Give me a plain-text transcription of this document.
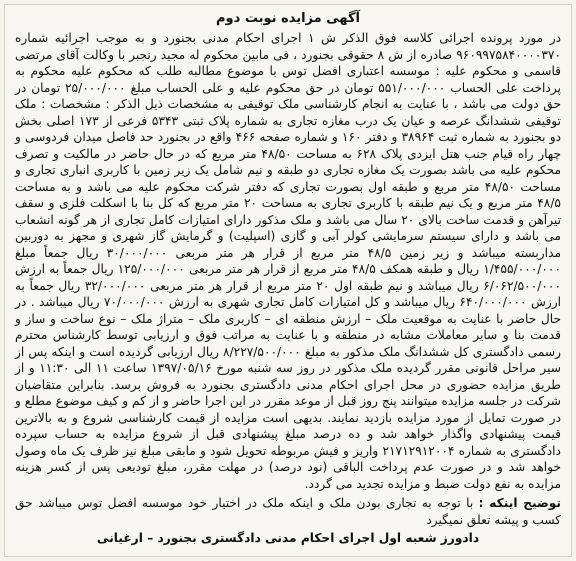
آگهی مزایده نوبت دوم

در مورد پرونده اجرائی کلاسه فوق الذکر ش ۱ اجرای احکام مدنی بجنورد و به موجب اجرائیه شماره ۹۶۰۹۹۷۵۸۴۰۰۰۰۳۷۰ صادره از ش ۸ حقوقی بجنورد ، فی مابین محکوم له مجید رنجبر با وکالت آقای مرتضی قاسمی و محکوم علیه : موسسه اعتباری افضل توس با موضوع مطالبه طلب که محکوم علیه محکوم به پرداخت علی الحساب ۵۵۱/۰۰۰/۰۰۰ تومان در حق محکوم علیه و علی الحساب مبلغ ۲۵/۰۰۰/۰۰۰ تومان در حق دولت می باشد ، با عنایت به انجام کارشناسی ملک توقیفی به مشخصات ذیل الذکر : مشخصات : ملک توقیفی ششدانگ عرصه و عیان یک درب مغازه تجاری به شماره پلاک ثبتی ۵۳۴۳ فرعی از ۱۷۳ اصلی بخش دو بجنورد به شماره ثبت ۳۸۹۶۴ و دفتر ۱۶۰ و شماره صفحه ۴۶۶ واقع در بجنورد حد فاصل میدان فردوسی و چهار راه قیام جنب هتل ایزدی پلاک ۶۲۸ به مساحت ۴۸/۵۰ متر مربع که در حال حاضر در مالکیت و تصرف محکوم علیه می باشد بصورت یک مغازه تجاری دو طبقه و نیم شامل یک زیر زمین با کاربری انباری تجاری و مساحت ۴۸/۵۰ متر مربع و طبقه اول بصورت تجاری که دفتر شرکت محکوم علیه می باشد و به مساحت ۴۸/۵ متر مربع و یک نیم طبقه با کاربری تجاری به مساحت ۲۰ متر مربع که کل بنا با اسکلت فلزی و سقف تیرآهن و قدمت ساخت بالای ۲۰ سال می باشد و ملک مذکور دارای امتیازات کامل تجاری از هر گونه انشعاب می باشد و دارای سیستم سرمایشی کولر آبی و گازی (اسپلیت) و گرمایش گاز شهری و مجهز به دوربین مداربسته میباشد و زیر زمین ۴۸/۵ متر مربع از قرار هر متر مربعی ۳۰/۰۰۰/۰۰۰ ریال جمعاً مبلغ ۱/۴۵۵/۰۰۰/۰۰۰ ریال و طبقه همکف ۴۸/۵ متر مربع از قرار هر متر مربعی ۱۲۵/۰۰۰/۰۰۰ ریال جمعاً به ارزش ۶/۰۶۲/۵۰۰/۰۰۰ ریال میباشد و نیم طبقه اول ۲۰ متر مربع از قرار هر متر مربعی ۳۲/۰۰۰/۰۰۰ ریال جمعاً به ارزش ۶۴۰/۰۰۰/۰۰۰ ریال میباشد و کل امتیازات کامل تجاری شهری به ارزش ۷۰/۰۰۰/۰۰۰ ریال میباشد . در حال حاضر با عنایت به موقعیت ملک – ارزش منطقه ای – کاربری ملک – متراژ ملک – نوع ساخت و ساز و قدمت بنا و سایر معاملات مشابه در منطقه و با عنایت به مراتب فوق و ارزیابی توسط کارشناس محترم رسمی دادگستری کل ششدانگ ملک مذکور به مبلغ ۸/۲۲۷/۵۰۰/۰۰۰ ریال ارزیابی گردیده است و اینکه پس از سیر مراحل قانونی مقرر گردیده ملک مذکور در روز سه شنبه مورخ ۱۳۹۷/۰۵/۱۶ ساعت ۱۱ الی ۱۱:۳۰ و از طریق مزایده حضوری در محل اجرای احکام مدنی دادگستری بجنورد به فروش برسد. بنابراین متقاضیان شرکت در جلسه مزایده میتوانند پنج روز قبل از موعد مقرر در این اجرا حاضر و از کم و کیف موضوع مطلع و در صورت تمایل از مورد مزایده بازدید نمایند. بدیهی است مزایده از قیمت کارشناسی شروع و به بالاترین قیمت پیشنهادی واگذار خواهد شد و ده درصد مبلغ پیشنهادی قبل از شروع مزایده به حساب سپرده دادگستری به شماره ۲۱۷۱۲۹۱۲۰۰۴ واریز و فیش مربوطه تحویل شود و مابقی مبلغ نیز ظرف یک ماه وصول خواهد شد و در صورت عدم پرداخت الباقی (نود درصد) در مهلت مقرر، مبلغ تودیعی پس از کسر هزینه مزایده به نفع دولت ضبط و مزایده تجدید می گردد.

توضیح اینکه : با توجه به تجاری بودن ملک و اینکه ملک در اختیار خود موسسه افضل توس میباشد حق کسب و پیشه تعلق نمیگیرد
دادورز شعبه اول اجرای احکام مدنی دادگستری بجنورد – ارغیانی
